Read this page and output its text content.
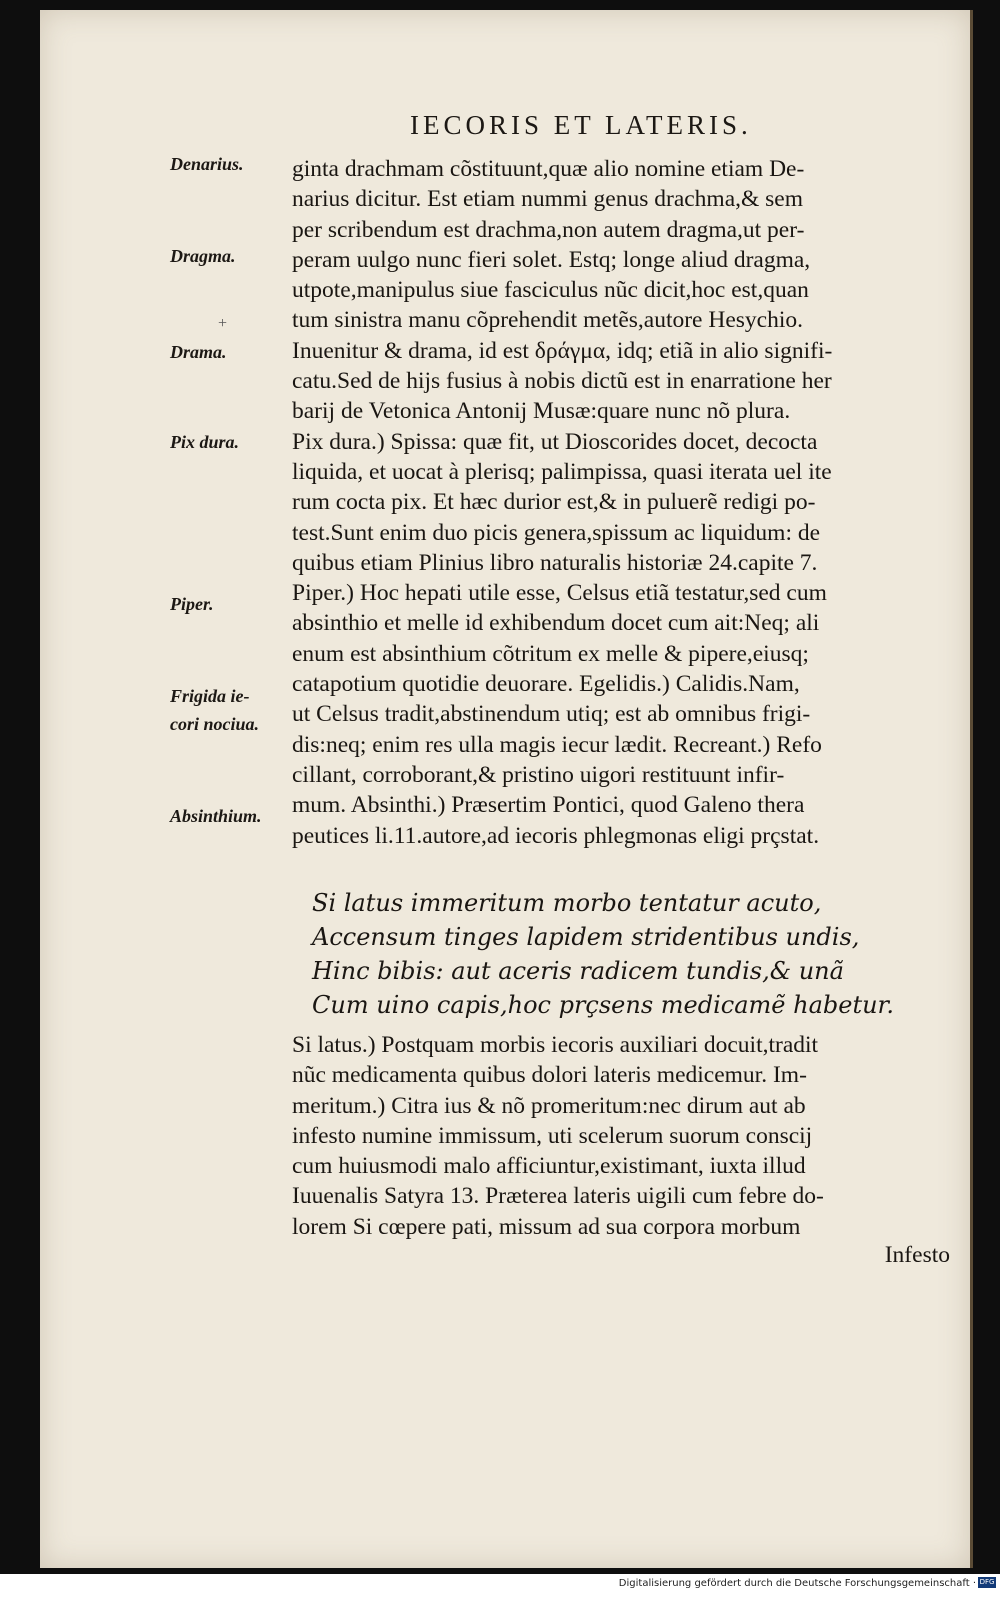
IECORIS ET LATERIS.
Denarius.
Dragma.
+
Drama.
Pix dura.
Piper.
Frigida ie-
cori nociua.
Absinthium.
ginta drachmam cõstituunt,quæ alio nomine etiam De-
narius dicitur. Est etiam nummi genus drachma,& sem
per scribendum est drachma,non autem dragma,ut per-
peram uulgo nunc fieri solet. Estq; longe aliud dragma,
utpote,manipulus siue fasciculus nũc dicit,hoc est,quan
tum sinistra manu cõprehendit metẽs,autore Hesychio.
Inuenitur & drama, id est δράγμα, idq; etiã in alio signifi-
catu.Sed de hijs fusius à nobis dictũ est in enarratione her
barij de Vetonica Antonij Musæ:quare nunc nõ plura.
Pix dura.) Spissa: quæ fit, ut Dioscorides docet, decocta
liquida, et uocat à plerisq; palimpissa, quasi iterata uel ite
rum cocta pix. Et hæc durior est,& in puluerẽ redigi po-
test.Sunt enim duo picis genera,spissum ac liquidum: de
quibus etiam Plinius libro naturalis historiæ 24.capite 7.
Piper.) Hoc hepati utile esse, Celsus etiã testatur,sed cum
absinthio et melle id exhibendum docet cum ait:Neq; ali
enum est absinthium cõtritum ex melle & pipere,eiusq;
catapotium quotidie deuorare. Egelidis.) Calidis.Nam,
ut Celsus tradit,abstinendum utiq; est ab omnibus frigi-
dis:neq; enim res ulla magis iecur lædit. Recreant.) Refo
cillant, corroborant,& pristino uigori restituunt infir-
mum. Absinthi.) Præsertim Pontici, quod Galeno thera
peutices li.11.autore,ad iecoris phlegmonas eligi prçstat.
Si latus immeritum morbo tentatur acuto,
Accensum tinges lapidem stridentibus undis,
Hinc bibis: aut aceris radicem tundis,& unã
Cum uino capis,hoc prçsens medicamẽ habetur.
Si latus.) Postquam morbis iecoris auxiliari docuit,tradit
nũc medicamenta quibus dolori lateris medicemur. Im-
meritum.) Citra ius & nõ promeritum:nec dirum aut ab
infesto numine immissum, uti scelerum suorum conscij
cum huiusmodi malo afficiuntur,existimant, iuxta illud
Iuuenalis Satyra 13. Præterea lateris uigili cum febre do-
lorem Si cœpere pati, missum ad sua corpora morbum
Infesto
Digitalisierung gefördert durch die Deutsche Forschungsgemeinschaft · DFG
